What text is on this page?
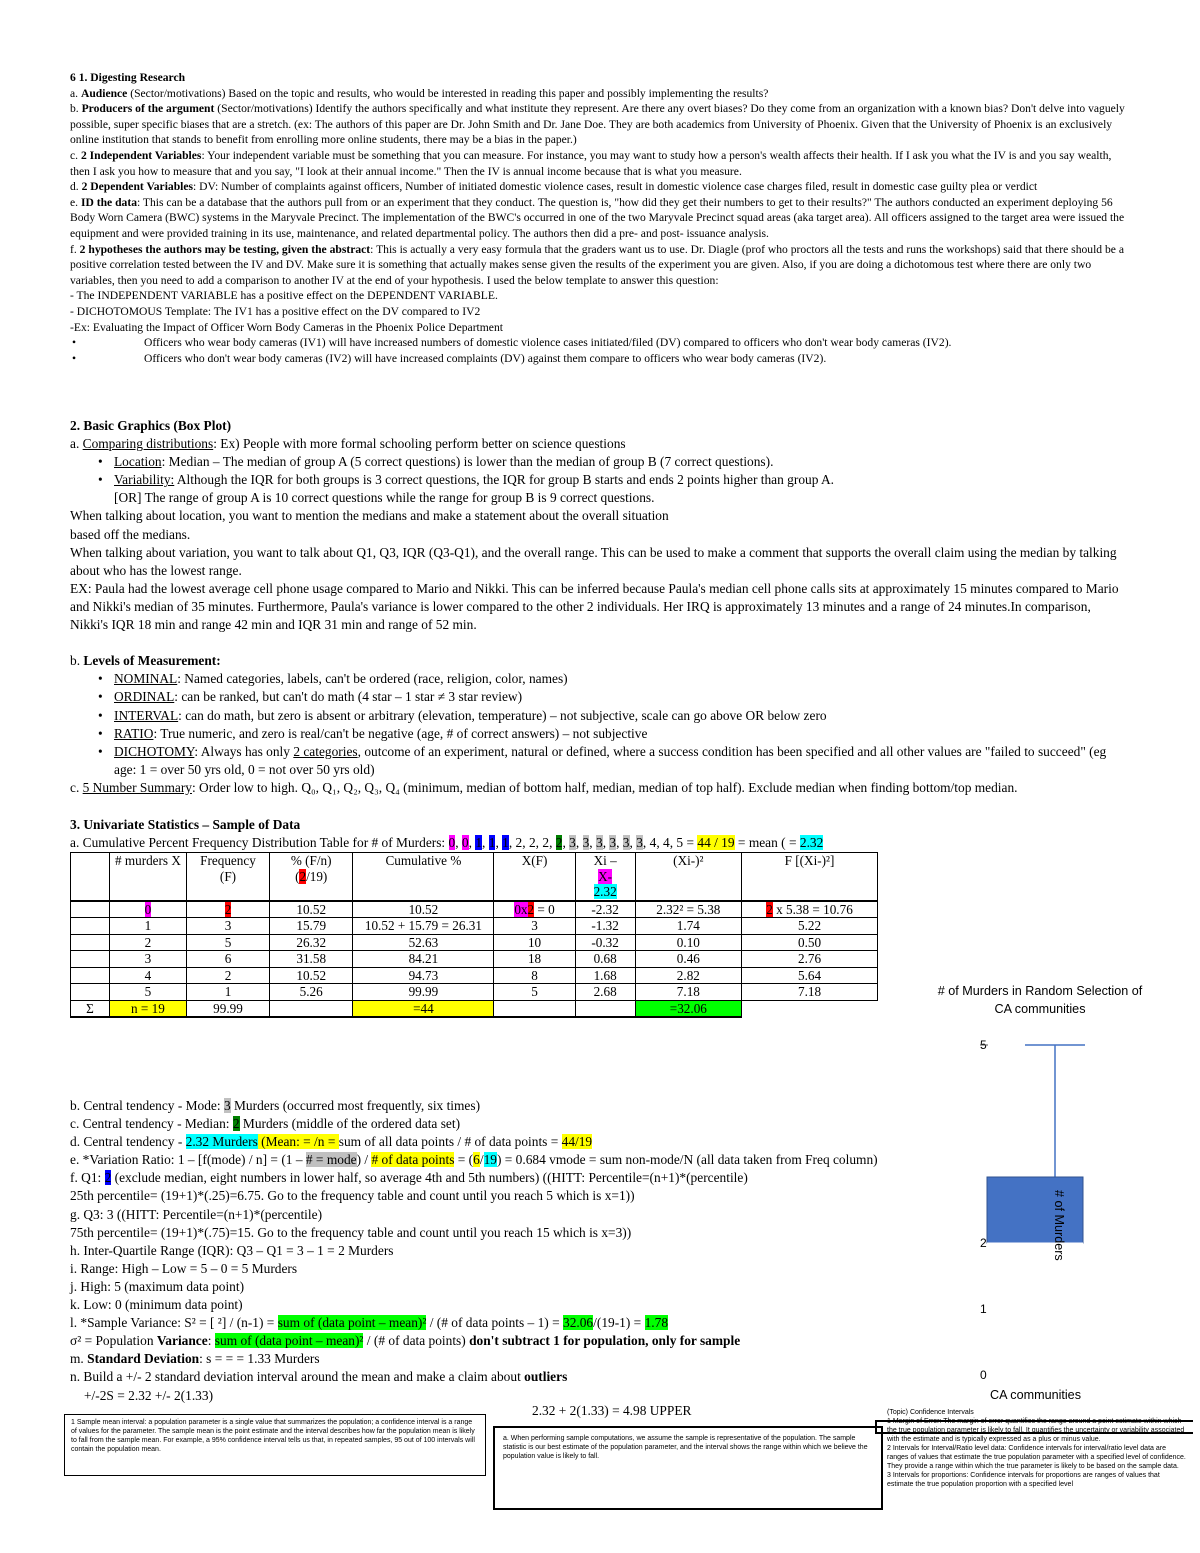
6 1. Digesting Research

a. Audience (Sector/motivations) Based on the topic and results, who would be interested in reading this paper and possibly implementing the results?

b. Producers of the argument (Sector/motivations) Identify the authors specifically and what institute they represent. Are there any overt biases? Do they come from an organization with a known bias? Don't delve into vaguely possible, super specific biases that are a stretch. (ex: The authors of this paper are Dr. John Smith and Dr. Jane Doe. They are both academics from University of Phoenix. Given that the University of Phoenix is an exclusively online institution that stands to benefit from enrolling more online students, there may be a bias in the paper.)

c. 2 Independent Variables: Your independent variable must be something that you can measure. For instance, you may want to study how a person's wealth affects their health. If I ask you what the IV is and you say wealth, then I ask you how to measure that and you say, "I look at their annual income." Then the IV is annual income because that is what you measure.

d. 2 Dependent Variables: DV: Number of complaints against officers, Number of initiated domestic violence cases, result in domestic violence case charges filed, result in domestic case guilty plea or verdict

e. ID the data: This can be a database that the authors pull from or an experiment that they conduct. The question is, "how did they get their numbers to get to their results?" The authors conducted an experiment deploying 56 Body Worn Camera (BWC) systems in the Maryvale Precinct. The implementation of the BWC's occurred in one of the two Maryvale Precinct squad areas (aka target area). All officers assigned to the target area were issued the equipment and were provided training in its use, maintenance, and related departmental policy. The authors then did a pre- and post- issuance analysis.

f. 2 hypotheses the authors may be testing, given the abstract: This is actually a very easy formula that the graders want us to use. Dr. Diagle (prof who proctors all the tests and runs the workshops) said that there should be a positive correlation tested between the IV and DV. Make sure it is something that actually makes sense given the results of the experiment you are given. Also, if you are doing a dichotomous test where there are only two variables, then you need to add a comparison to another IV at the end of your hypothesis. I used the below template to answer this question:

- The INDEPENDENT VARIABLE has a positive effect on the DEPENDENT VARIABLE.

- DICHOTOMOUS Template: The IV1 has a positive effect on the DV compared to IV2

-Ex: Evaluating the Impact of Officer Worn Body Cameras in the Phoenix Police Department

•	Officers who wear body cameras (IV1) will have increased numbers of domestic violence cases initiated/filed (DV) compared to officers who don't wear body cameras (IV2).
•	Officers who don't wear body cameras (IV2) will have increased complaints (DV) against them compare to officers who wear body cameras (IV2).

2. Basic Graphics (Box Plot)

a. Comparing distributions: Ex) People with more formal schooling perform better on science questions

• Location: Median – The median of group A (5 correct questions) is lower than the median of group B (7 correct questions).
• Variability: Although the IQR for both groups is 3 correct questions, the IQR for group B starts and ends 2 points higher than group A.

[OR] The range of group A is 10 correct questions while the range for group B is 9 correct questions.

When talking about location, you want to mention the medians and make a statement about the overall situation

based off the medians.

When talking about variation, you want to talk about Q1, Q3, IQR (Q3-Q1), and the overall range. This can be used to make a comment that supports the overall claim using the median by talking about who has the lowest range.

EX: Paula had the lowest average cell phone usage compared to Mario and Nikki. This can be inferred because Paula's median cell phone calls sits at approximately 15 minutes compared to Mario and Nikki's median of 35 minutes. Furthermore, Paula's variance is lower compared to the other 2 individuals. Her IRQ is approximately 13 minutes and a range of 24 minutes.In comparison, Nikki's IQR 18 min and range 42 min and IQR 31 min and range of 52 min.

b. Levels of Measurement:

• NOMINAL: Named categories, labels, can't be ordered (race, religion, color, names)
• ORDINAL: can be ranked, but can't do math (4 star – 1 star ≠ 3 star review)
• INTERVAL: can do math, but zero is absent or arbitrary (elevation, temperature) – not subjective, scale can go above OR below zero
• RATIO: True numeric, and zero is real/can't be negative (age, # of correct answers) – not subjective
• DICHOTOMY: Always has only 2 categories, outcome of an experiment, natural or defined, where a success condition has been specified and all other values are "failed to succeed" (eg age: 1 = over 50 yrs old, 0 = not over 50 yrs old)

c. 5 Number Summary: Order low to high. Q₀, Q₁, Q₂, Q₃, Q₄ (minimum, median of bottom half, median, median of top half). Exclude median when finding bottom/top median.

3. Univariate Statistics – Sample of Data

a. Cumulative Percent Frequency Distribution Table for # of Murders: 0, 0, 1, 1, 1, 2, 2, 2, 2, 3, 3, 3, 3, 3, 3, 4, 4, 5 = 44 / 19 = mean ( = 2.32

	# murders X	Frequency (F)	% (F/n) (2/19)	Cumulative %	X(F)	Xi –
X-
2.32	(Xi-)²	F [(Xi-)²]
	0	2	10.52	10.52	0x2 = 0	-2.32	2.32² = 5.38	2 x 5.38 = 10.76
	1	3	15.79	10.52 + 15.79 = 26.31	3	-1.32	1.74	5.22
	2	5	26.32	52.63	10	-0.32	0.10	0.50
	3	6	31.58	84.21	18	0.68	0.46	2.76
	4	2	10.52	94.73	8	1.68	2.82	5.64
	5	1	5.26	99.99	5	2.68	7.18	7.18
Σ	n = 19	99.99		=44			=32.06	
# of Murders in Random Selection of CA communities
5
2
1
0
CA communities
# of Murders

b. Central tendency - Mode: 3 Murders (occurred most frequently, six times)

c. Central tendency - Median: 2 Murders (middle of the ordered data set)

d. Central tendency - 2.32 Murders (Mean: = /n = sum of all data points / # of data points = 44/19

e. *Variation Ratio: 1 – [f(mode) / n] = (1 – # = mode) / # of data points = (6/19) = 0.684 vmode = sum non-mode/N (all data taken from Freq column)

f. Q1: 2 (exclude median, eight numbers in lower half, so average 4th and 5th numbers) ((HITT: Percentile=(n+1)*(percentile)

25th percentile= (19+1)*(.25)=6.75. Go to the frequency table and count until you reach 5 which is x=1))

g. Q3: 3 ((HITT: Percentile=(n+1)*(percentile)

75th percentile= (19+1)*(.75)=15. Go to the frequency table and count until you reach 15 which is x=3))

h. Inter-Quartile Range (IQR): Q3 – Q1 = 3 – 1 = 2 Murders

i. Range: High – Low = 5 – 0 = 5 Murders

j. High: 5 (maximum data point)

k. Low: 0 (minimum data point)

l. *Sample Variance: S² = [ ²] / (n-1) = sum of (data point – mean)² / (# of data points – 1) = 32.06/(19-1) = 1.78

σ² = Population Variance: sum of (data point – mean)² / (# of data points) don't subtract 1 for population, only for sample

m. Standard Deviation: s = = = 1.33 Murders

n. Build a +/- 2 standard deviation interval around the mean and make a claim about outliers

+/-2S = 2.32 +/- 2(1.33)

2.32 + 2(1.33) = 4.98 UPPER
1 Sample mean interval: a population parameter is a single value that summarizes the population; a confidence interval is a range of values for the parameter. The sample mean is the point estimate and the interval describes how far the population mean is likely to fall from the sample mean. For example, a 95% confidence interval tells us that, in repeated samples, 95 out of 100 intervals will contain the population mean.
a. When performing sample computations, we assume the sample is representative of the population. The sample statistic is our best estimate of the population parameter, and the interval shows the range within which we believe the population value is likely to fall.
(Topic) Confidence Intervals
1 Margin of Error: The margin of error quantifies the range around a point estimate within which the true population parameter is likely to fall. It quantifies the uncertainty or variability associated with the estimate and is typically expressed as a plus or minus value.
2 Intervals for Interval/Ratio level data: Confidence intervals for interval/ratio level data are ranges of values that estimate the true population parameter with a specified level of confidence. They provide a range within which the true parameter is likely to be based on the sample data.
3 Intervals for proportions: Confidence intervals for proportions are ranges of values that estimate the true population proportion with a specified level
